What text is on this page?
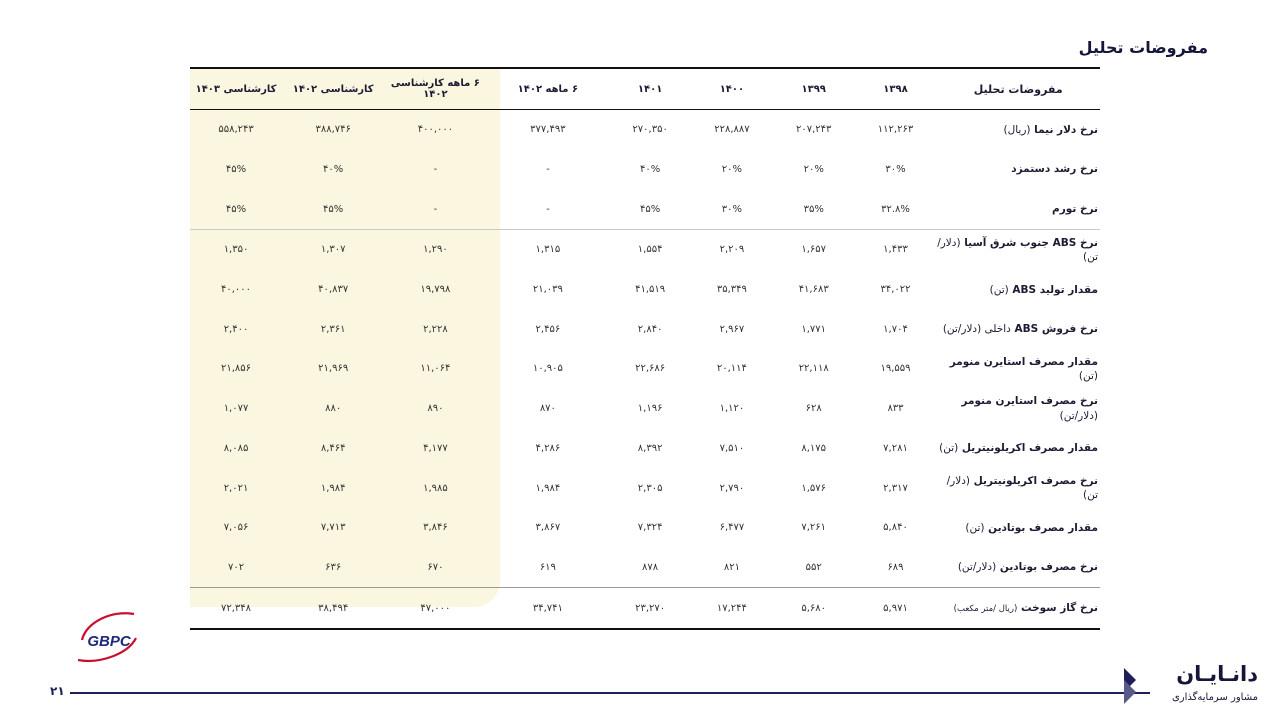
مفروضات تحلیل
مفروضات تحلیل	۱۳۹۸	۱۳۹۹	۱۴۰۰	۱۴۰۱	۶ ماهه ۱۴۰۲	۶ ماهه کارشناسی ۱۴۰۲	کارشناسی ۱۴۰۲	کارشناسی ۱۴۰۳
نرخ دلار نیما (ریال)	۱۱۲,۲۶۳	۲۰۷,۲۴۳	۲۲۸,۸۸۷	۲۷۰,۳۵۰	۳۷۷,۴۹۳	۴۰۰,۰۰۰	۳۸۸,۷۴۶	۵۵۸,۲۴۳
نرخ رشد دستمزد	۳۰%	۲۰%	۲۰%	۴۰%	-	-	۴۰%	۴۵%
نرخ تورم	۳۲.۸%	۳۵%	۳۰%	۴۵%	-	-	۴۵%	۴۵%
نرخ ABS جنوب شرق آسیا (دلار/تن)	۱,۴۳۳	۱,۶۵۷	۲,۲۰۹	۱,۵۵۴	۱,۳۱۵	۱,۲۹۰	۱,۳۰۷	۱,۳۵۰
مقدار تولید ABS (تن)	۳۴,۰۲۲	۴۱,۶۸۳	۳۵,۳۴۹	۴۱,۵۱۹	۲۱,۰۳۹	۱۹,۷۹۸	۴۰,۸۳۷	۴۰,۰۰۰
نرخ فروش ABS داخلی (دلار/تن)	۱,۷۰۴	۱,۷۷۱	۲,۹۶۷	۲,۸۴۰	۲,۴۵۶	۲,۲۲۸	۲,۳۶۱	۲,۴۰۰
مقدار مصرف استایرن منومر (تن)	۱۹,۵۵۹	۲۲,۱۱۸	۲۰,۱۱۴	۲۲,۶۸۶	۱۰,۹۰۵	۱۱,۰۶۴	۲۱,۹۶۹	۲۱,۸۵۶
نرخ مصرف استایرن منومر (دلار/تن)	۸۳۳	۶۲۸	۱,۱۲۰	۱,۱۹۶	۸۷۰	۸۹۰	۸۸۰	۱,۰۷۷
مقدار مصرف اکریلونیتریل (تن)	۷,۲۸۱	۸,۱۷۵	۷,۵۱۰	۸,۳۹۲	۴,۲۸۶	۴,۱۷۷	۸,۴۶۴	۸,۰۸۵
نرخ مصرف اکریلونیتریل (دلار/تن)	۲,۳۱۷	۱,۵۷۶	۲,۷۹۰	۲,۳۰۵	۱,۹۸۴	۱,۹۸۵	۱,۹۸۴	۲,۰۲۱
مقدار مصرف بوتادین (تن)	۵,۸۴۰	۷,۲۶۱	۶,۴۷۷	۷,۳۲۴	۳,۸۶۷	۳,۸۴۶	۷,۷۱۳	۷,۰۵۶
نرخ مصرف بوتادین (دلار/تن)	۶۸۹	۵۵۲	۸۲۱	۸۷۸	۶۱۹	۶۷۰	۶۳۶	۷۰۲
نرخ گاز سوخت (ریال /متر مکعب)	۵,۹۷۱	۵,۶۸۰	۱۷,۲۴۴	۲۳,۲۷۰	۳۴,۷۴۱	۴۷,۰۰۰	۳۸,۴۹۴	۷۲,۳۴۸
GBPC
۲۱
دانـایـان
مشاور سرمایه‌گذاری
